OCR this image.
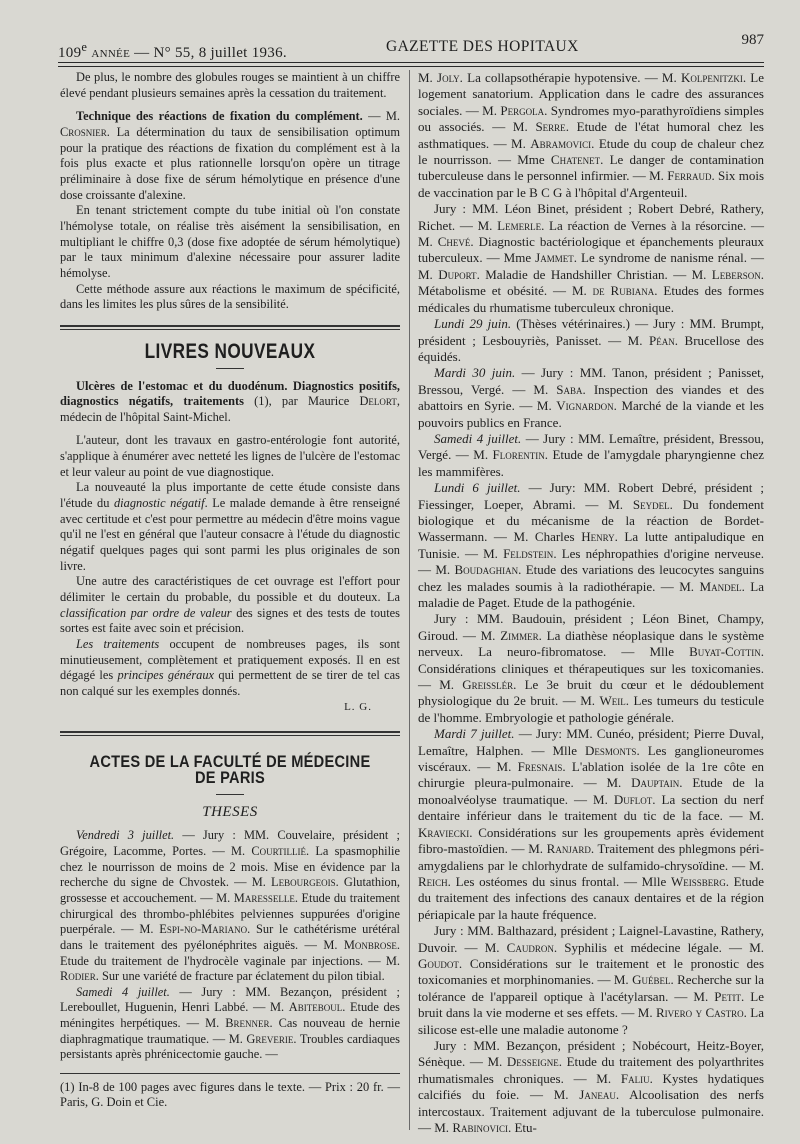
109e année — N° 55, 8 juillet 1936.	GAZETTE DES HOPITAUX	987

De plus, le nombre des globules rouges se maintient à un chiffre élevé pendant plusieurs semaines après la cessation du traitement.

Technique des réactions de fixation du complément. — M. Crosnier. La détermination du taux de sensibilisation optimum pour la pratique des réactions de fixation du complément est à la fois plus exacte et plus rationnelle lorsqu'on opère un titrage préliminaire à dose fixe de sérum hémolytique en présence d'une dose croissante d'alexine.

En tenant strictement compte du tube initial où l'on constate l'hémolyse totale, on réalise très aisément la sensibilisation, en multipliant le chiffre 0,3 (dose fixe adoptée de sérum hémolytique) par le taux minimum d'alexine nécessaire pour assurer ladite hémolyse.

Cette méthode assure aux réactions le maximum de spécificité, dans les limites les plus sûres de la sensibilité.

LIVRES NOUVEAUX

Ulcères de l'estomac et du duodénum. Diagnostics positifs, diagnostics négatifs, traitements (1), par Maurice Delort, médecin de l'hôpital Saint-Michel.

L'auteur, dont les travaux en gastro-entérologie font autorité, s'applique à énumérer avec netteté les lignes de l'ulcère de l'estomac et leur valeur au point de vue diagnostique.

La nouveauté la plus importante de cette étude consiste dans l'étude du diagnostic négatif. Le malade demande à être renseigné avec certitude et c'est pour permettre au médecin d'être moins vague qu'il ne l'est en général que l'auteur consacre à l'étude du diagnostic négatif quelques pages qui sont parmi les plus originales de son livre.

Une autre des caractéristiques de cet ouvrage est l'effort pour délimiter le certain du probable, du possible et du douteux. La classification par ordre de valeur des signes et des tests de toutes sortes est faite avec soin et précision.

Les traitements occupent de nombreuses pages, ils sont minutieusement, complètement et pratiquement exposés. Il en est dégagé les principes généraux qui permettent de se tirer de tel cas non calqué sur les exemples donnés.

L. G.
ACTES DE LA FACULTÉ DE MÉDECINE DE PARIS
THESES

Vendredi 3 juillet. — Jury : MM. Couvelaire, président ; Grégoire, Lacomme, Portes. — M. Courtillié. La spasmophilie chez le nourrisson de moins de 2 mois. Mise en évidence par la recherche du signe de Chvostek. — M. Lebourgeois. Glutathion, grossesse et accouchement. — M. Maresselle. Etude du traitement chirurgical des thrombo-phlébites pelviennes suppurées d'origine puerpérale. — M. Espi-no-Mariano. Sur le cathétérisme urétéral dans le traitement des pyélonéphrites aiguës. — M. Monbrose. Etude du traitement de l'hydrocèle vaginale par injections. — M. Rodier. Sur une variété de fracture par éclatement du pilon tibial.

Samedi 4 juillet. — Jury : MM. Bezançon, président ; Lereboullet, Huguenin, Henri Labbé. — M. Abiteboul. Etude des méningites herpétiques. — M. Brenner. Cas nouveau de hernie diaphragmatique traumatique. — M. Greverie. Troubles cardiaques persistants après phrénicectomie gauche. —

(1) In-8 de 100 pages avec figures dans le texte. — Prix : 20 fr. — Paris, G. Doin et Cie.

M. Joly. La collapsothérapie hypotensive. — M. Kolpenitzki. Le logement sanatorium. Application dans le cadre des assurances sociales. — M. Pergola. Syndromes myo-parathyroïdiens simples ou associés. — M. Serre. Etude de l'état humoral chez les asthmatiques. — M. Abramovici. Etude du coup de chaleur chez le nourrisson. — Mme Chatenet. Le danger de contamination tuberculeuse dans le personnel infirmier. — M. Ferraud. Six mois de vaccination par le B C G à l'hôpital d'Argenteuil.

Jury : MM. Léon Binet, président ; Robert Debré, Rathery, Richet. — M. Lemerle. La réaction de Vernes à la résorcine. — M. Chevé. Diagnostic bactériologique et épanchements pleuraux tuberculeux. — Mme Jammet. Le syndrome de nanisme rénal. — M. Duport. Maladie de Handshiller Christian. — M. Leberson. Métabolisme et obésité. — M. de Rubiana. Etudes des formes médicales du rhumatisme tuberculeux chronique.

Lundi 29 juin. (Thèses vétérinaires.) — Jury : MM. Brumpt, président ; Lesbouyriès, Panisset. — M. Péan. Brucellose des équidés.

Mardi 30 juin. — Jury : MM. Tanon, président ; Panisset, Bressou, Vergé. — M. Saba. Inspection des viandes et des abattoirs en Syrie. — M. Vignardon. Marché de la viande et les pouvoirs publics en France.

Samedi 4 juillet. — Jury : MM. Lemaître, président, Bressou, Vergé. — M. Florentin. Etude de l'amygdale pharyngienne chez les mammifères.

Lundi 6 juillet. — Jury: MM. Robert Debré, président ; Fiessinger, Loeper, Abrami. — M. Seydel. Du fondement biologique et du mécanisme de la réaction de Bordet-Wassermann. — M. Charles Henry. La lutte antipaludique en Tunisie. — M. Feldstein. Les néphropathies d'origine nerveuse. — M. Boudaghian. Etude des variations des leucocytes sanguins chez les malades soumis à la radiothérapie. — M. Mandel. La maladie de Paget. Etude de la pathogénie.

Jury : MM. Baudouin, président ; Léon Binet, Champy, Giroud. — M. Zimmer. La diathèse néoplasique dans le système nerveux. La neuro-fibromatose. — Mlle Buyat-Cottin. Considérations cliniques et thérapeutiques sur les toxicomanies. — M. Greisslér. Le 3e bruit du cœur et le dédoublement physiologique du 2e bruit. — M. Weil. Les tumeurs du testicule de l'homme. Embryologie et pathologie générale.

Mardi 7 juillet. — Jury: MM. Cunéo, président; Pierre Duval, Lemaître, Halphen. — Mlle Desmonts. Les ganglioneuromes viscéraux. — M. Fresnais. L'ablation isolée de la 1re côte en chirurgie pleura-pulmonaire. — M. Dauptain. Etude de la monoalvéolyse traumatique. — M. Duflot. La section du nerf dentaire inférieur dans le traitement du tic de la face. — M. Kraviecki. Considérations sur les groupements après évidement fibro-mastoïdien. — M. Ranjard. Traitement des phlegmons péri-amygdaliens par le chlorhydrate de sulfamido-chrysoïdine. — M. Reich. Les ostéomes du sinus frontal. — Mlle Weissberg. Etude du traitement des infections des canaux dentaires et de la région périapicale par la haute fréquence.

Jury : MM. Balthazard, président ; Laignel-Lavastine, Rathery, Duvoir. — M. Caudron. Syphilis et médecine légale. — M. Goudot. Considérations sur le traitement et le pronostic des toxicomanies et morphinomanies. — M. Guébel. Recherche sur la tolérance de l'appareil optique à l'acétylarsan. — M. Petit. Le bruit dans la vie moderne et ses effets. — M. Rivero y Castro. La silicose est-elle une maladie autonome ?

Jury : MM. Bezançon, président ; Nobécourt, Heitz-Boyer, Sénèque. — M. Desseigne. Etude du traitement des polyarthrites rhumatismales chroniques. — M. Faliu. Kystes hydatiques calcifiés du foie. — M. Janeau. Alcoolisation des nerfs intercostaux. Traitement adjuvant de la tuberculose pulmonaire. — M. Rabinovici. Etu-
